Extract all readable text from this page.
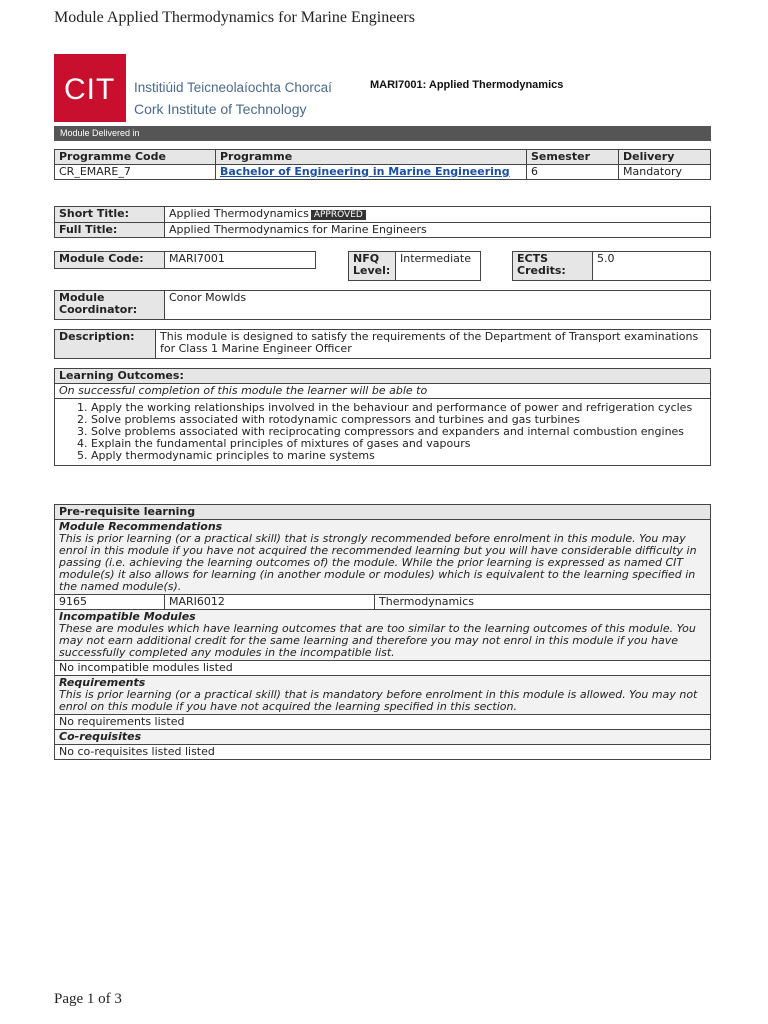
Module Applied Thermodynamics for Marine Engineers
CIT Institiúid Teicneolaíochta Chorcaí
Cork Institute of Technology
MARI7001: Applied Thermodynamics
Module Delivered in
Programme Code	Programme	Semester	Delivery
CR_EMARE_7	Bachelor of Engineering in Marine Engineering	6	Mandatory
Short Title:	Applied Thermodynamics APPROVED
Full Title:	Applied Thermodynamics for Marine Engineers
Module Code:	MARI7001	NFQ Level:	Intermediate	ECTS Credits:	5.0
Module Coordinator:	Conor Mowlds
Description:	This module is designed to satisfy the requirements of the Department of Transport examinations for Class 1 Marine Engineer Officer
Learning Outcomes:
On successful completion of this module the learner will be able to

1. Apply the working relationships involved in the behaviour and performance of power and refrigeration cycles
2. Solve problems associated with rotodynamic compressors and turbines and gas turbines
3. Solve problems associated with reciprocating compressors and expanders and internal combustion engines
4. Explain the fundamental principles of mixtures of gases and vapours
5. Apply thermodynamic principles to marine systems
Pre-requisite learning

Module Recommendations
This is prior learning (or a practical skill) that is strongly recommended before enrolment in this module. You may enrol in this module if you have not acquired the recommended learning but you will have considerable difficulty in passing (i.e. achieving the learning outcomes of) the module. While the prior learning is expressed as named CIT module(s) it also allows for learning (in another module or modules) which is equivalent to the learning specified in the named module(s).

9165	MARI6012	Thermodynamics

Incompatible Modules
These are modules which have learning outcomes that are too similar to the learning outcomes of this module. You may not earn additional credit for the same learning and therefore you may not enrol in this module if you have successfully completed any modules in the incompatible list.

No incompatible modules listed

Requirements
This is prior learning (or a practical skill) that is mandatory before enrolment in this module is allowed. You may not enrol on this module if you have not acquired the learning specified in this section.

No requirements listed
Co-requisites
No co-requisites listed listed
Page 1 of 3
